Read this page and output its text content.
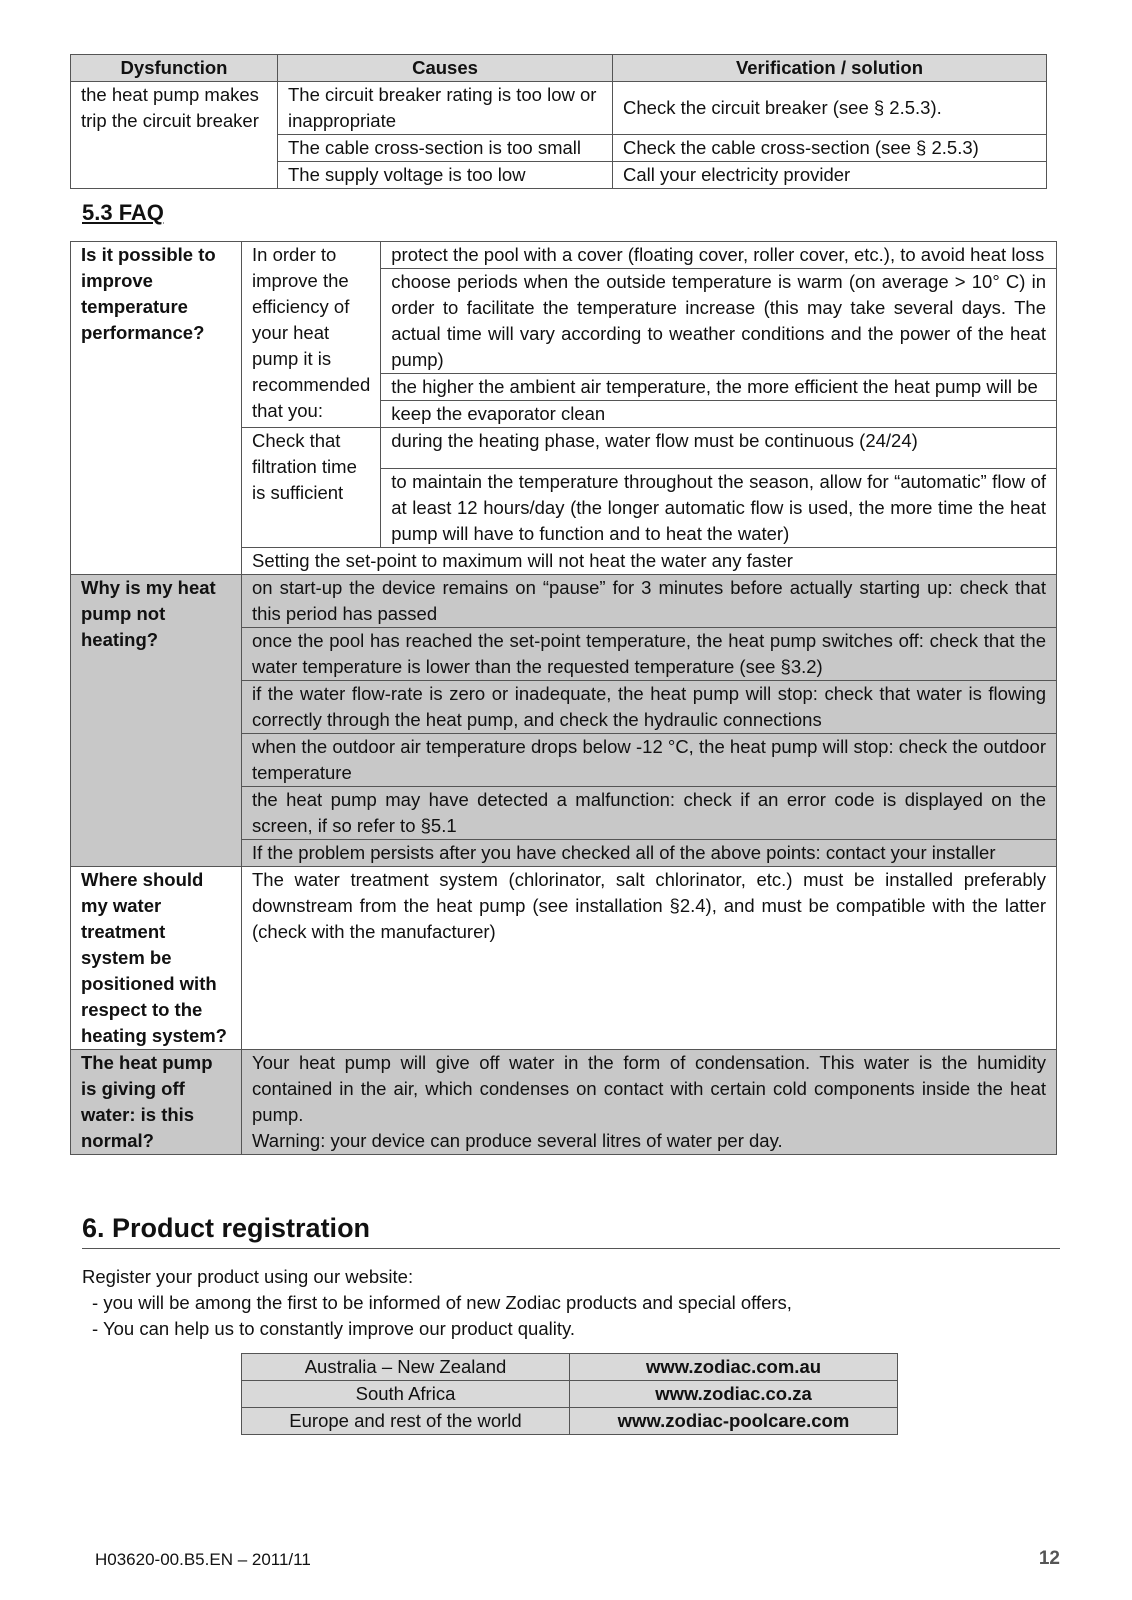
Dysfunction	Causes	Verification / solution
the heat pump makes trip the circuit breaker	The circuit breaker rating is too low or inappropriate	Check the circuit breaker (see § 2.5.3).
	The cable cross-section is too small	Check the cable cross-section (see § 2.5.3)
	The supply voltage is too low	Call your electricity provider
5.3 FAQ
Is it possible to improve temperature performance?	In order to improve the efficiency of your heat pump it is recommended that you:	protect the pool with a cover (floating cover, roller cover, etc.), to avoid heat loss
		choose periods when the outside temperature is warm (on average > 10° C) in order to facilitate the temperature increase (this may take several days. The actual time will vary according to weather conditions and the power of the heat pump)
		the higher the ambient air temperature, the more efficient the heat pump will be
		keep the evaporator clean
	Check that filtration time is sufficient	during the heating phase, water flow must be continuous (24/24)
		to maintain the temperature throughout the season, allow for “automatic” flow of at least 12 hours/day (the longer automatic flow is used, the more time the heat pump will have to function and to heat the water)
	Setting the set-point to maximum will not heat the water any faster	
Why is my heat pump not heating?	on start-up the device remains on “pause” for 3 minutes before actually starting up: check that this period has passed	
	once the pool has reached the set-point temperature, the heat pump switches off: check that the water temperature is lower than the requested temperature (see §3.2)	
	if the water flow-rate is zero or inadequate, the heat pump will stop: check that water is flowing correctly through the heat pump, and check the hydraulic connections	
	when the outdoor air temperature drops below -12 °C, the heat pump will stop: check the outdoor temperature	
	the heat pump may have detected a malfunction: check if an error code is displayed on the screen, if so refer to §5.1	
	If the problem persists after you have checked all of the above points: contact your installer	
Where should my water treatment system be positioned with respect to the heating system?	The water treatment system (chlorinator, salt chlorinator, etc.) must be installed preferably downstream from the heat pump (see installation §2.4), and must be compatible with the latter (check with the manufacturer)	
The heat pump is giving off water: is this normal?	Your heat pump will give off water in the form of condensation. This water is the humidity contained in the air, which condenses on contact with certain cold components inside the heat pump.
Warning: your device can produce several litres of water per day.	
6. Product registration
Register your product using our website:
- you will be among the first to be informed of new Zodiac products and special offers,
- You can help us to constantly improve our product quality.
Australia – New Zealand	www.zodiac.com.au
South Africa	www.zodiac.co.za
Europe and rest of the world	www.zodiac-poolcare.com
H03620-00.B5.EN – 2011/11	12
